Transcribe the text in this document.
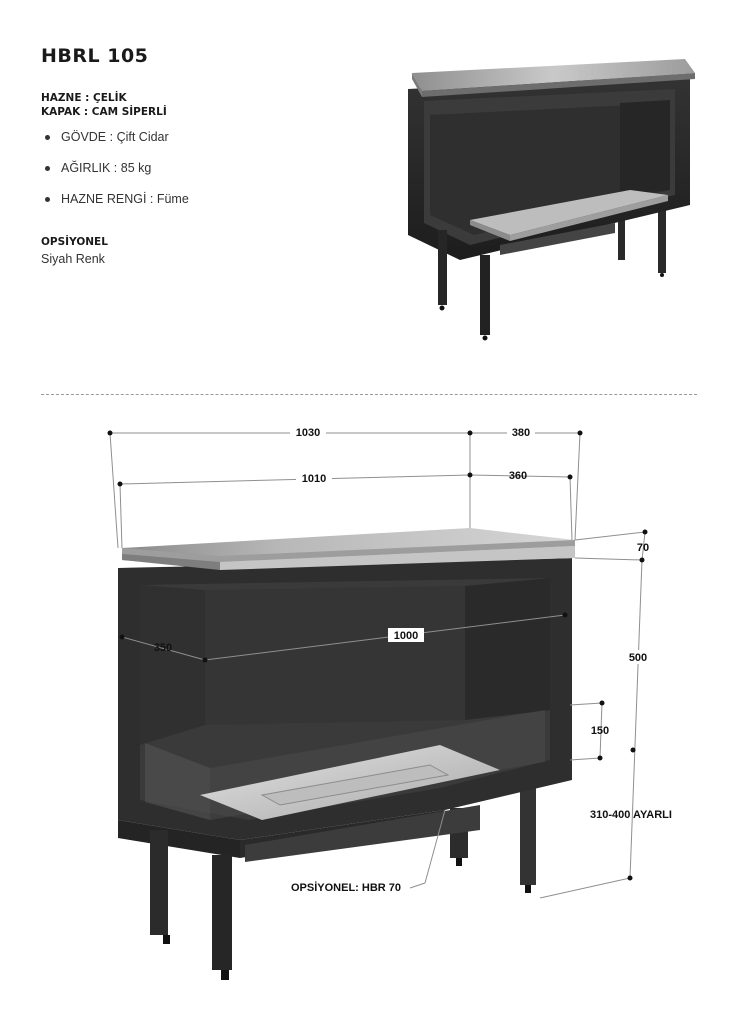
HBRL 105
HAZNE : ÇELİK
KAPAK : CAM SİPERLİ
GÖVDE : Çift Cidar
AĞIRLIK : 85 kg
HAZNE RENGİ : Füme
OPSİYONEL
Siyah Renk
1030	380
1010	360
70
500
350
1000
150
310-400 AYARLI
OPSİYONEL: HBR 70
